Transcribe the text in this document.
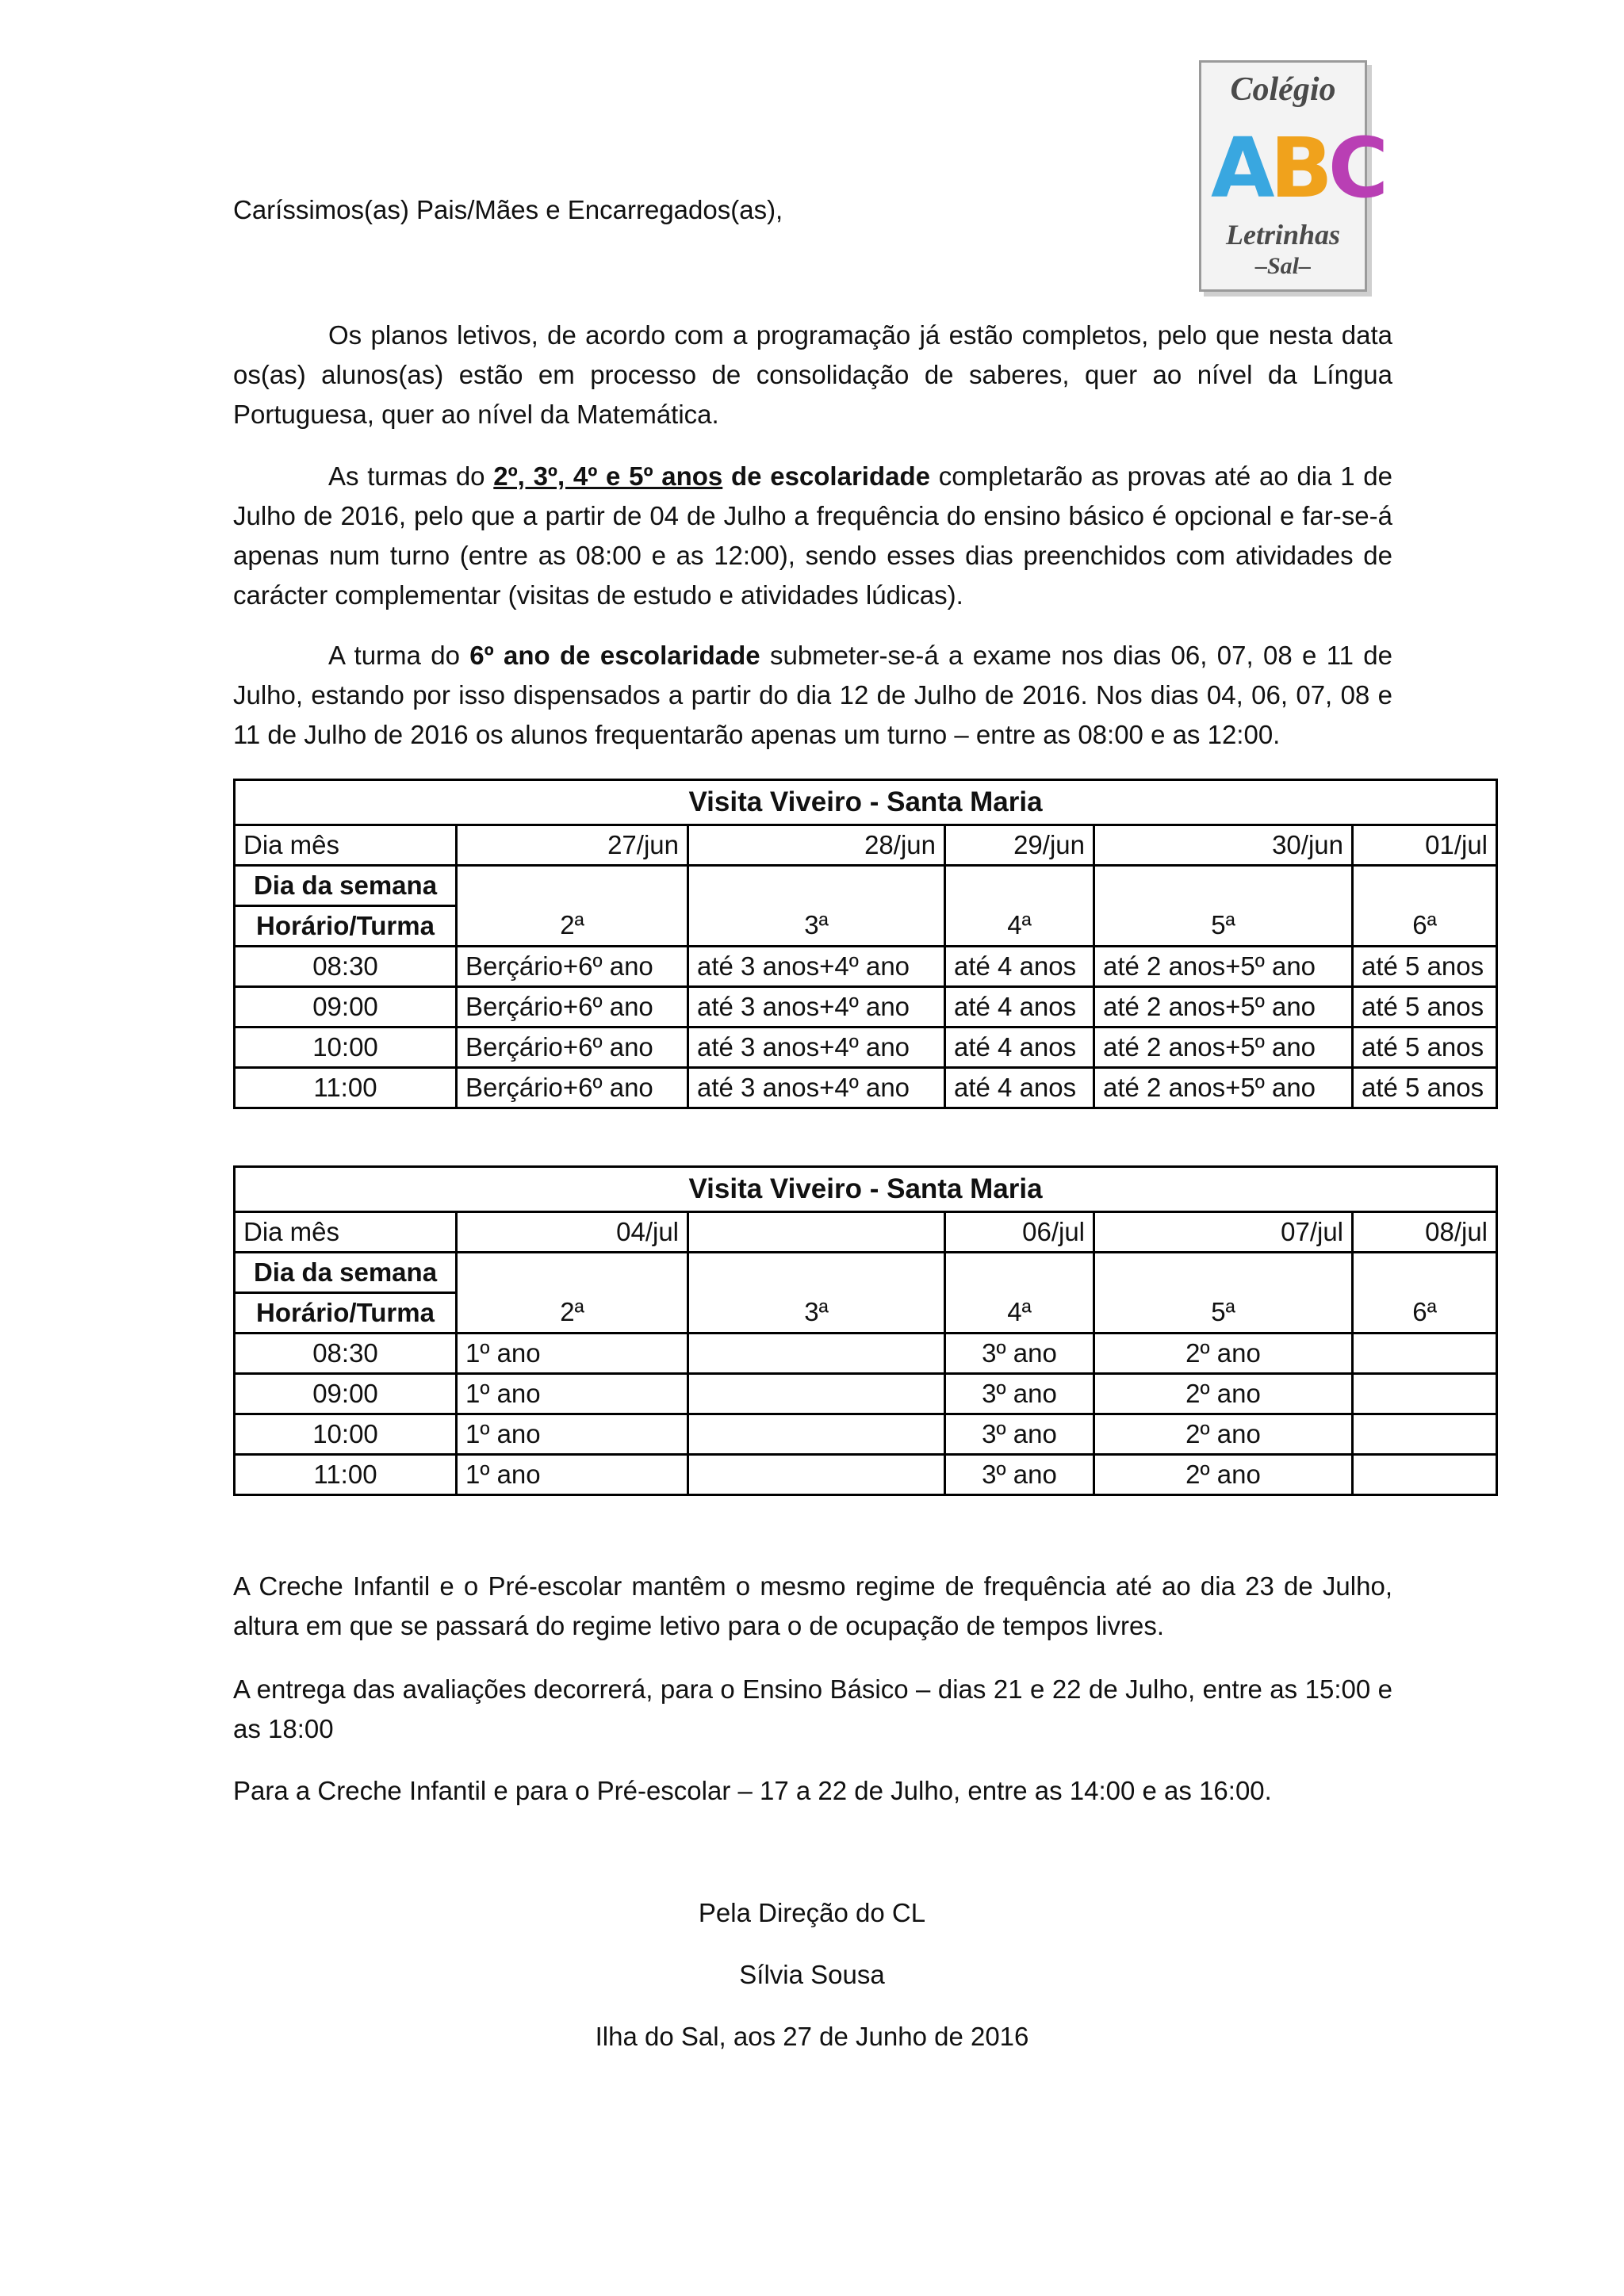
Colégio
ABC
Letrinhas
–Sal–
Caríssimos(as) Pais/Mães e Encarregados(as),
Os planos letivos, de acordo com a programação já estão completos, pelo que nesta data os(as) alunos(as) estão em processo de consolidação de saberes, quer ao nível da Língua Portuguesa, quer ao nível da Matemática.
As turmas do 2º, 3º, 4º e 5º anos de escolaridade completarão as provas até ao dia 1 de Julho de 2016, pelo que a partir de 04 de Julho a frequência do ensino básico é opcional e far-se-á apenas num turno (entre as 08:00 e as 12:00), sendo esses dias preenchidos com atividades de carácter complementar (visitas de estudo e atividades lúdicas).
A turma do 6º ano de escolaridade submeter-se-á a exame nos dias 06, 07, 08 e 11 de Julho, estando por isso dispensados a partir do dia 12 de Julho de 2016. Nos dias 04, 06, 07, 08 e 11 de Julho de 2016 os alunos frequentarão apenas um turno – entre as 08:00 e as 12:00.
Visita Viveiro - Santa Maria					
Dia mês	27/jun	28/jun	29/jun	30/jun	01/jul
Dia da semana					
Horário/Turma	2ª	3ª	4ª	5ª	6ª
08:30	Berçário+6º ano	até 3 anos+4º ano	até 4 anos	até 2 anos+5º ano	até 5 anos
09:00	Berçário+6º ano	até 3 anos+4º ano	até 4 anos	até 2 anos+5º ano	até 5 anos
10:00	Berçário+6º ano	até 3 anos+4º ano	até 4 anos	até 2 anos+5º ano	até 5 anos
11:00	Berçário+6º ano	até 3 anos+4º ano	até 4 anos	até 2 anos+5º ano	até 5 anos
Visita Viveiro - Santa Maria					
Dia mês	04/jul		06/jul	07/jul	08/jul
Dia da semana					
Horário/Turma	2ª	3ª	4ª	5ª	6ª
08:30	1º ano		3º ano	2º ano	
09:00	1º ano		3º ano	2º ano	
10:00	1º ano		3º ano	2º ano	
11:00	1º ano		3º ano	2º ano	
A Creche Infantil e o Pré-escolar mantêm o mesmo regime de frequência até ao dia 23 de Julho, altura em que se passará do regime letivo para o de ocupação de tempos livres.
A entrega das avaliações decorrerá, para o Ensino Básico – dias 21 e 22 de Julho, entre as 15:00 e as 18:00
Para a Creche Infantil e para o Pré-escolar – 17 a 22 de Julho, entre as 14:00 e as 16:00.
Pela Direção do CL
Sílvia Sousa
Ilha do Sal, aos 27 de Junho de 2016
